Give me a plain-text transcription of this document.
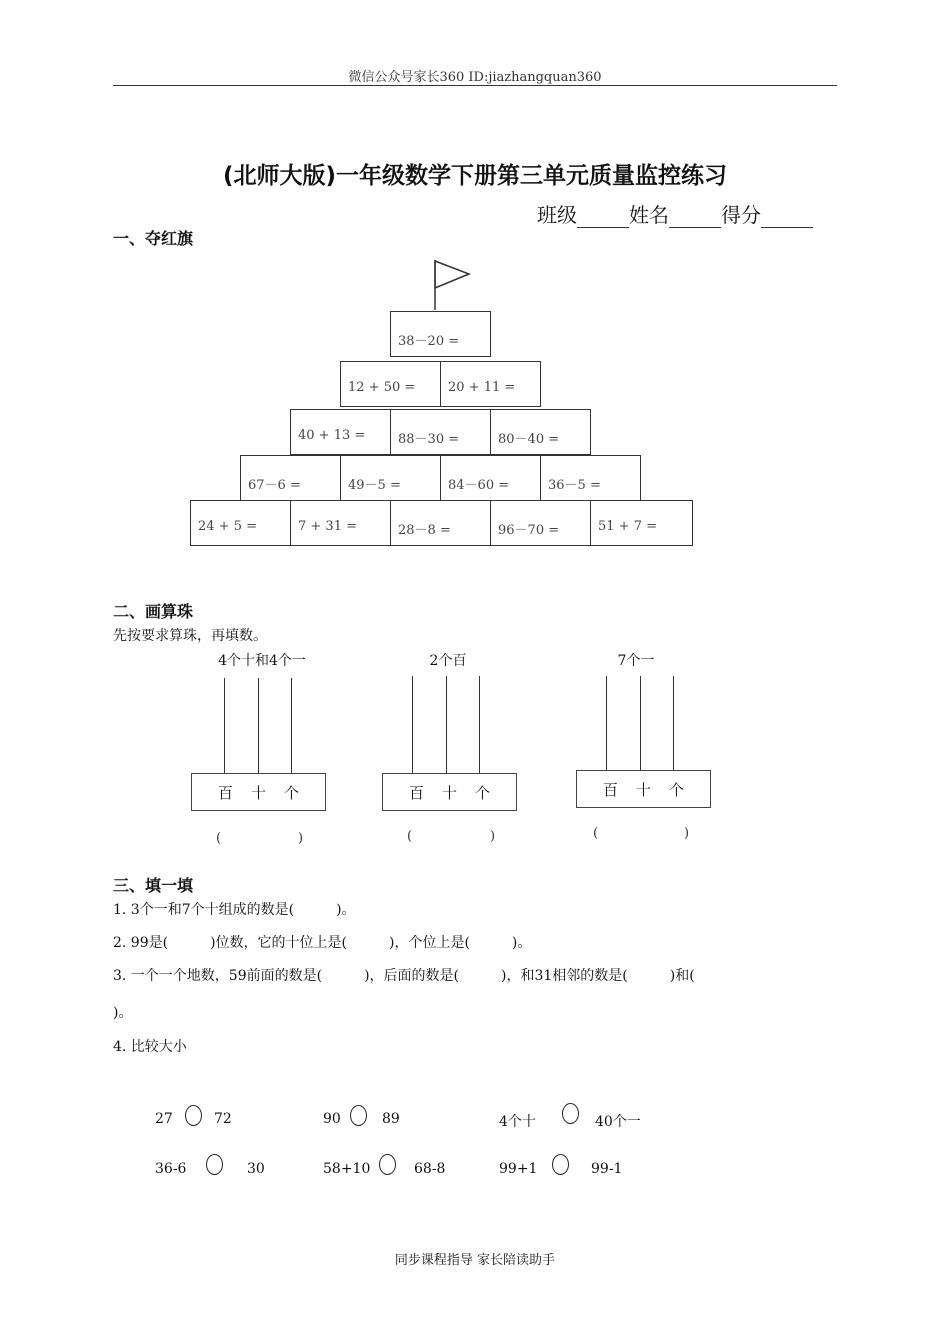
微信公众号家长360 ID:jiazhangquan360
(北师大版)一年级数学下册第三单元质量监控练习
班级	姓名	得分
一、夺红旗
38－20 =
12 + 50 =	20 + 11 =
40 + 13 =	88－30 =	80－40 =
67－6 =	49－5 =	84－60 =	36－5 =
24 + 5 =	7 + 31 =	28－8 =	96－70 =	51 + 7 =
二、画算珠
先按要求算珠，再填数。
4个十和4个一
百 十 个
(	)
2个百
百 十 个
(	)
7个一
百 十 个
(	)
三、填一填
1. 3个一和7个十组成的数是(　　　)。
2. 99是(　　　)位数，它的十位上是(　　　)，个位上是(　　　)。
3. 一个一个地数，59前面的数是(　　　)，后面的数是(　　　)，和31相邻的数是(　　　)和(
)。
4. 比较大小
27	72	90	89	4个十	40个一
36-6	30	58+10	68-8	99+1	99-1
同步课程指导 家长陪读助手
